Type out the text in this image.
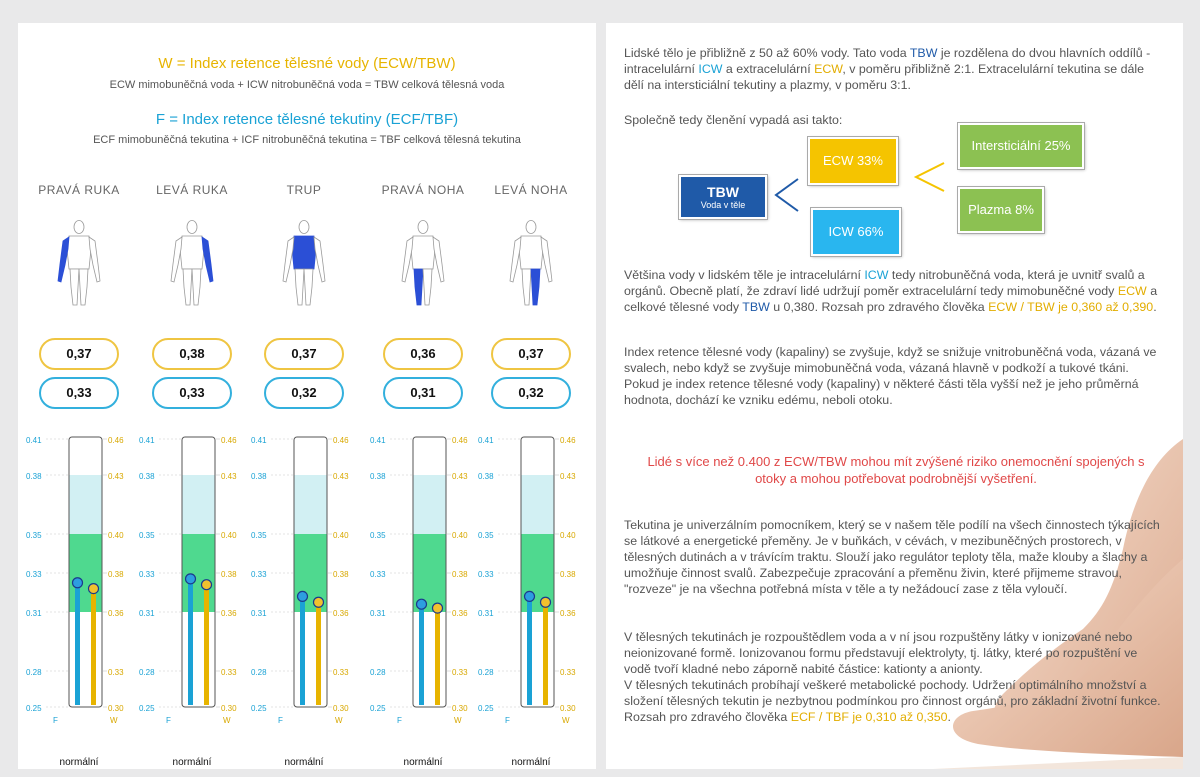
W = Index retence tělesné vody (ECW/TBW)
ECW mimobuněčná voda + ICW nitrobuněčná voda = TBW celková tělesná voda
F = Index retence tělesné tekutiny (ECF/TBF)
ECF mimobuněčná tekutina + ICF nitrobuněčná tekutina = TBF celková tělesná tekutina
PRAVÁ RUKA
0,37
0,33
0.41	0.46
0.38	0.43
0.35	0.40
0.33	0.38
0.31	0.36
0.28	0.33
0.25	0.30
F	W
normální
LEVÁ RUKA
0,38
0,33
0.41	0.46
0.38	0.43
0.35	0.40
0.33	0.38
0.31	0.36
0.28	0.33
0.25	0.30
F	W
normální
TRUP
0,37
0,32
0.41	0.46
0.38	0.43
0.35	0.40
0.33	0.38
0.31	0.36
0.28	0.33
0.25	0.30
F	W
normální
PRAVÁ NOHA
0,36
0,31
0.41	0.46
0.38	0.43
0.35	0.40
0.33	0.38
0.31	0.36
0.28	0.33
0.25	0.30
F	W
normální
LEVÁ NOHA
0,37
0,32
0.41	0.46
0.38	0.43
0.35	0.40
0.33	0.38
0.31	0.36
0.28	0.33
0.25	0.30
F	W
normální

Lidské tělo je přibližně z 50 až 60% vody. Tato voda TBW je rozdělena do dvou hlavních oddílů - intracelulární ICW a extracelulární ECW, v poměru přibližně 2:1. Extracelulární tekutina se dále dělí na intersticiální tekutiny a plazmy, v poměru 3:1.

Společně tedy členění vypadá asi takto:
TBW
Voda v těle
ECW 33%
ICW 66%
Intersticiální 25%
Plazma 8%

Většina vody v lidském těle je intracelulární ICW tedy nitrobuněčná voda, která je uvnitř svalů a orgánů. Obecně platí, že zdraví lidé udržují poměr extracelulární tedy mimobuněčné vody ECW a celkové tělesné vody TBW u 0,380. Rozsah pro zdravého člověka ECW / TBW je 0,360 až 0,390.

Index retence tělesné vody (kapaliny) se zvyšuje, když se snižuje vnitrobuněčná voda, vázaná ve svalech, nebo když se zvyšuje mimobuněčná voda, vázaná hlavně v podkoží a tukové tkáni. Pokud je index retence tělesné vody (kapaliny) v některé části těla vyšší než je jeho průměrná hodnota, dochází ke vzniku edému, neboli otoku.
Lidé s více než 0.400 z ECW/TBW mohou mít zvýšené riziko onemocnění spojených s otoky a mohou potřebovat podrobnější vyšetření.
Tekutina je univerzálním pomocníkem, který se v našem těle podílí na všech činnostech týkajících se látkové a energetické přeměny. Je v buňkách, v cévách, v mezibuněčných prostorech, v tělesných dutinách a v trávícím traktu. Slouží jako regulátor teploty těla, maže klouby a šlachy a umožňuje činnost svalů. Zabezpečuje zpracování a přeměnu živin, které přijmeme stravou, "rozveze" je na všechna potřebná místa v těle a ty nežádoucí zase z těla vyloučí.
V tělesných tekutinách je rozpouštědlem voda a v ní jsou rozpuštěny látky v ionizované nebo neionizované formě. Ionizovanou formu představují elektrolyty, tj. látky, které po rozpuštění ve vodě tvoří kladné nebo záporně nabité částice: kationty a anionty.
V tělesných tekutinách probíhají veškeré metabolické pochody. Udržení optimálního množství a složení tělesných tekutin je nezbytnou podmínkou pro činnost orgánů, pro základní životní funkce. Rozsah pro zdravého člověka ECF / TBF je 0,310 až 0,350.
